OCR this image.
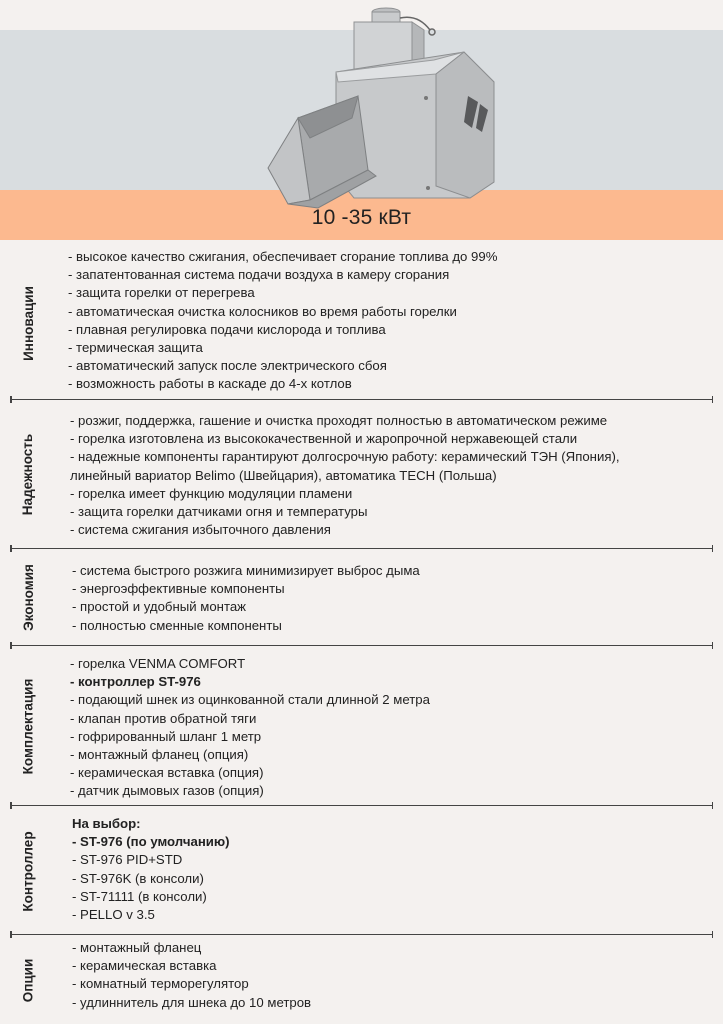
10 -35 кВт
Инновации
- высокое качество сжигания, обеспечивает сгорание топлива до 99%
- запатентованная система подачи воздуха в камеру сгорания
- защита горелки от перегрева
- автоматическая очистка колосников во время работы горелки
- плавная регулировка подачи кислорода и топлива
- термическая защита
- автоматический запуск после электрического сбоя
- возможность работы в каскаде до 4-х котлов
Надежность
- розжиг, поддержка, гашение и очистка проходят полностью в автоматическом режиме
- горелка изготовлена из высококачественной и жаропрочной нержавеющей стали
- надежные компоненты гарантируют долгосрочную работу: керамический ТЭН (Япония),
линейный вариатор Belimo (Швейцария), автоматика TECH (Польша)
- горелка имеет функцию модуляции пламени
- защита горелки датчиками огня и температуры
- система сжигания избыточного давления
Экономия	- система быстрого розжига минимизирует выброс дыма
- энергоэффективные компоненты
- простой и удобный монтаж
- полностью сменные компоненты
Комплектация
- горелка VENMA COMFORT
- контроллер ST-976
- подающий шнек из оцинкованной стали длинной 2 метра
- клапан против обратной тяги
- гофрированный шланг 1 метр
- монтажный фланец (опция)
- керамическая вставка (опция)
- датчик дымовых газов (опция)
Контроллер
На выбор:
- ST-976 (по умолчанию)
- ST-976 PID+STD
- ST-976K (в консоли)
- ST-71111 (в консоли)
- PELLO v 3.5
Опции
- монтажный фланец
- керамическая вставка
- комнатный терморегулятор
- удлиннитель для шнека до 10 метров
